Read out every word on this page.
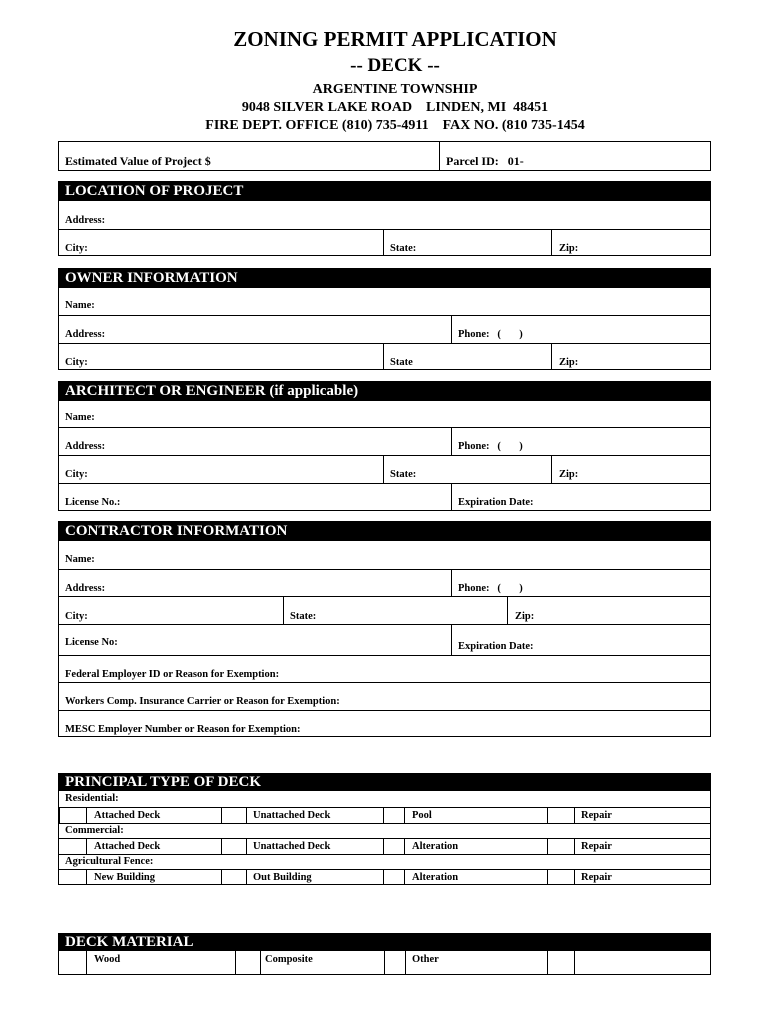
ZONING PERMIT APPLICATION
-- DECK --
ARGENTINE TOWNSHIP
9048 SILVER LAKE ROAD    LINDEN, MI  48451
FIRE DEPT. OFFICE (810) 735-4911    FAX NO. (810 735-1454
Estimated Value of Project $	Parcel ID:   01-
LOCATION OF PROJECT
Address:
City:	State:	Zip:
OWNER INFORMATION
Name:
Address:	Phone:   (       )
City:	State	Zip:
ARCHITECT OR ENGINEER (if applicable)
Name:
Address:	Phone:   (       )
City:	State:	Zip:
License No.:	Expiration Date:
CONTRACTOR INFORMATION
Name:
Address:	Phone:   (       )
City:	State:	Zip:
License No:	Expiration Date:
Federal Employer ID or Reason for Exemption:
Workers Comp. Insurance Carrier or Reason for Exemption:
MESC Employer Number or Reason for Exemption:
PRINCIPAL TYPE OF DECK
Residential:
Attached Deck	Unattached Deck	Pool	Repair
Commercial:
Attached Deck	Unattached Deck	Alteration	Repair
Agricultural Fence:
New Building	Out Building	Alteration	Repair
DECK MATERIAL
Wood	Composite	Other
